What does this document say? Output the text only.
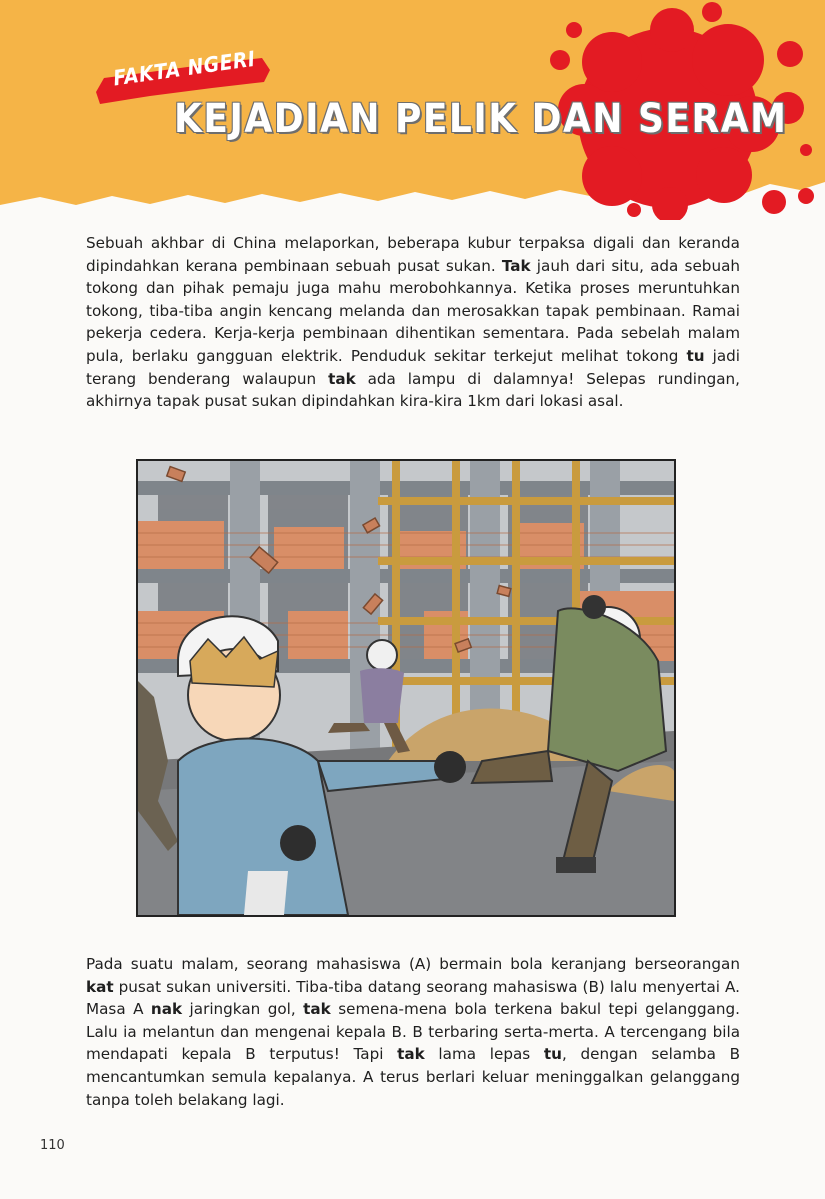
FAKTA NGERI
KEJADIAN PELIK DAN SERAM
Sebuah akhbar di China melaporkan, beberapa kubur terpaksa digali dan keranda dipindahkan kerana pembinaan sebuah pusat sukan. Tak jauh dari situ, ada sebuah tokong dan pihak pemaju juga mahu merobohkannya. Ketika proses meruntuhkan tokong, tiba-tiba angin kencang melanda dan merosakkan tapak pembinaan. Ramai pekerja cedera. Kerja-kerja pembinaan dihentikan sementara. Pada sebelah malam pula, berlaku gangguan elektrik. Penduduk sekitar terkejut melihat tokong tu jadi terang benderang walaupun tak ada lampu di dalamnya! Selepas rundingan, akhirnya tapak pusat sukan dipindahkan kira-kira 1km dari lokasi asal.
Pada suatu malam, seorang mahasiswa (A) bermain bola keranjang berseorangan kat pusat sukan universiti. Tiba-tiba datang seorang mahasiswa (B) lalu menyertai A. Masa A nak jaringkan gol, tak semena-mena bola terkena bakul tepi gelanggang. Lalu ia melantun dan mengenai kepala B. B terbaring serta-merta. A tercengang bila mendapati kepala B terputus! Tapi tak lama lepas tu, dengan selamba B mencantumkan semula kepalanya. A terus berlari keluar meninggalkan gelanggang tanpa toleh belakang lagi.
110
